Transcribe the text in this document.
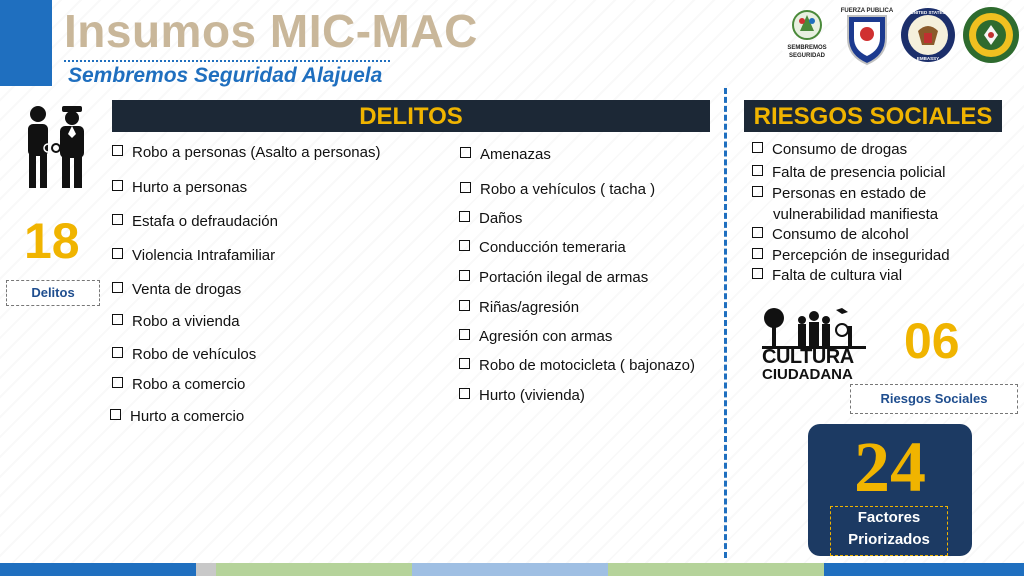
Insumos MIC-MAC
Sembremos Seguridad Alajuela
SEMBREMOS
SEGURIDAD
FUERZA PUBLICA	UNITED STATES
EMBASSY
18
Delitos
DELITOS	RIESGOS SOCIALES
Robo a personas (Asalto a personas)
Hurto a personas
Estafa o defraudación
Violencia Intrafamiliar
Venta de drogas
Robo a vivienda
Robo de vehículos
Robo a comercio
Hurto a comercio
Amenazas
Robo a vehículos ( tacha )
Daños
Conducción temeraria
Portación ilegal de armas
Riñas/agresión
Agresión con armas
Robo de motocicleta ( bajonazo)
Hurto (vivienda)
Consumo de drogas
Falta de presencia policial
Personas en estado de
vulnerabilidad manifiesta
Consumo de alcohol
Percepción de inseguridad
Falta de cultura vial
CULTURA
CIUDADANA
06
Riesgos Sociales
24
Factores
Priorizados
